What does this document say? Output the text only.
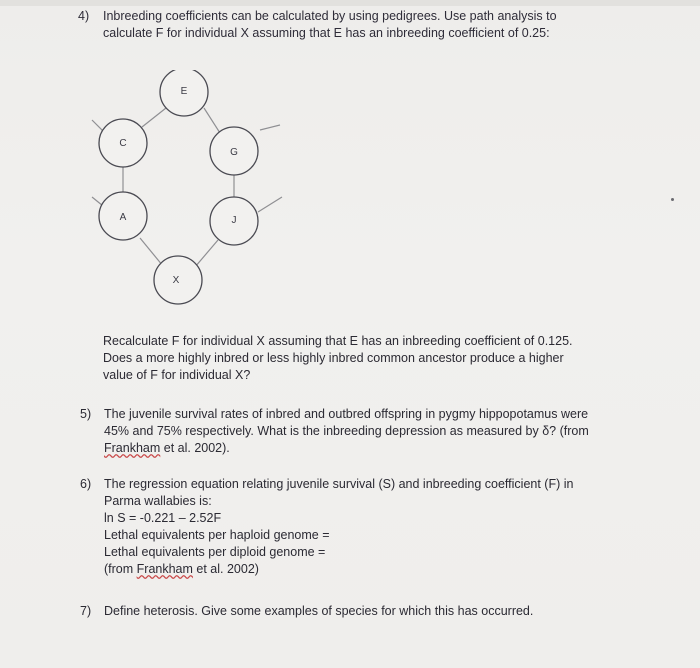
4) Inbreeding coefficients can be calculated by using pedigrees. Use path analysis to
calculate F for individual X assuming that E has an inbreeding coefficient of 0.25:
E
C
G
A	J
X
Recalculate F for individual X assuming that E has an inbreeding coefficient of 0.125.
Does a more highly inbred or less highly inbred common ancestor produce a higher
value of F for individual X?
5) The juvenile survival rates of inbred and outbred offspring in pygmy hippopotamus were
45% and 75% respectively. What is the inbreeding depression as measured by δ? (from
Frankham et al. 2002).
6) The regression equation relating juvenile survival (S) and inbreeding coefficient (F) in
Parma wallabies is:
ln S = -0.221 – 2.52F
Lethal equivalents per haploid genome =
Lethal equivalents per diploid genome =
(from Frankham et al. 2002)
7) Define heterosis. Give some examples of species for which this has occurred.
